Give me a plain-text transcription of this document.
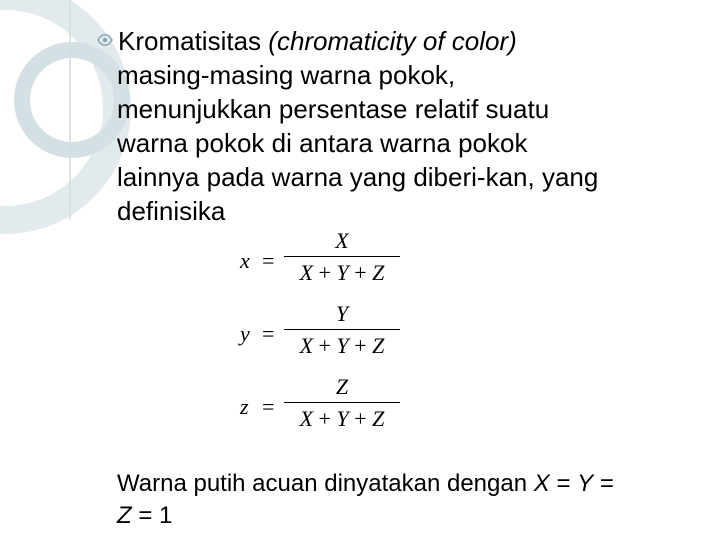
Kromatisitas (chromaticity of color)
masing-masing warna pokok,
menunjukkan persentase relatif suatu
warna pokok di antara warna pokok
lainnya pada warna yang diberi-kan, yang
definisika
x =
X
X + Y + Z
y =
Y
X + Y + Z
z =
Z
X + Y + Z
Warna putih acuan dinyatakan dengan X = Y =
Z = 1
